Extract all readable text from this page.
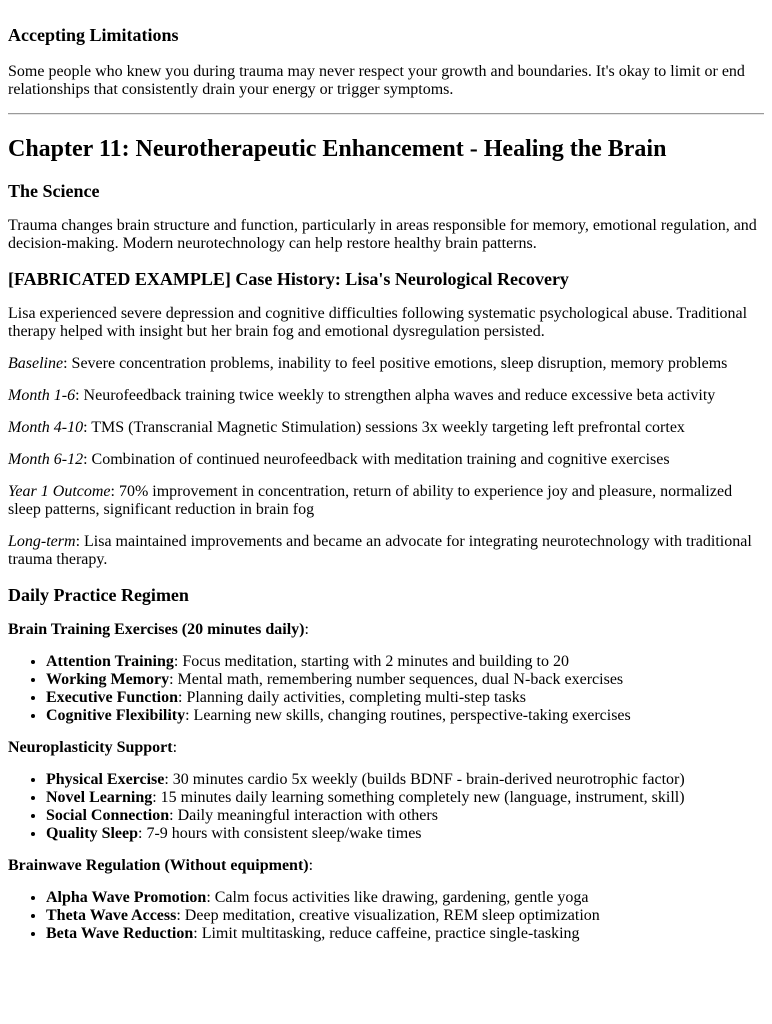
Accepting Limitations

Some people who knew you during trauma may never respect your growth and boundaries. It's okay to limit or end relationships that consistently drain your energy or trigger symptoms.

Chapter 11: Neurotherapeutic Enhancement - Healing the Brain
The Science

Trauma changes brain structure and function, particularly in areas responsible for memory, emotional regulation, and decision-making. Modern neurotechnology can help restore healthy brain patterns.

[FABRICATED EXAMPLE] Case History: Lisa's Neurological Recovery

Lisa experienced severe depression and cognitive difficulties following systematic psychological abuse. Traditional therapy helped with insight but her brain fog and emotional dysregulation persisted.

Baseline: Severe concentration problems, inability to feel positive emotions, sleep disruption, memory problems

Month 1-6: Neurofeedback training twice weekly to strengthen alpha waves and reduce excessive beta activity

Month 4-10: TMS (Transcranial Magnetic Stimulation) sessions 3x weekly targeting left prefrontal cortex

Month 6-12: Combination of continued neurofeedback with meditation training and cognitive exercises

Year 1 Outcome: 70% improvement in concentration, return of ability to experience joy and pleasure, normalized sleep patterns, significant reduction in brain fog

Long-term: Lisa maintained improvements and became an advocate for integrating neurotechnology with traditional trauma therapy.

Daily Practice Regimen

Brain Training Exercises (20 minutes daily):

• Attention Training: Focus meditation, starting with 2 minutes and building to 20
• Working Memory: Mental math, remembering number sequences, dual N-back exercises
• Executive Function: Planning daily activities, completing multi-step tasks
• Cognitive Flexibility: Learning new skills, changing routines, perspective-taking exercises

Neuroplasticity Support:

• Physical Exercise: 30 minutes cardio 5x weekly (builds BDNF - brain-derived neurotrophic factor)
• Novel Learning: 15 minutes daily learning something completely new (language, instrument, skill)
• Social Connection: Daily meaningful interaction with others
• Quality Sleep: 7-9 hours with consistent sleep/wake times

Brainwave Regulation (Without equipment):

• Alpha Wave Promotion: Calm focus activities like drawing, gardening, gentle yoga
• Theta Wave Access: Deep meditation, creative visualization, REM sleep optimization
• Beta Wave Reduction: Limit multitasking, reduce caffeine, practice single-tasking
